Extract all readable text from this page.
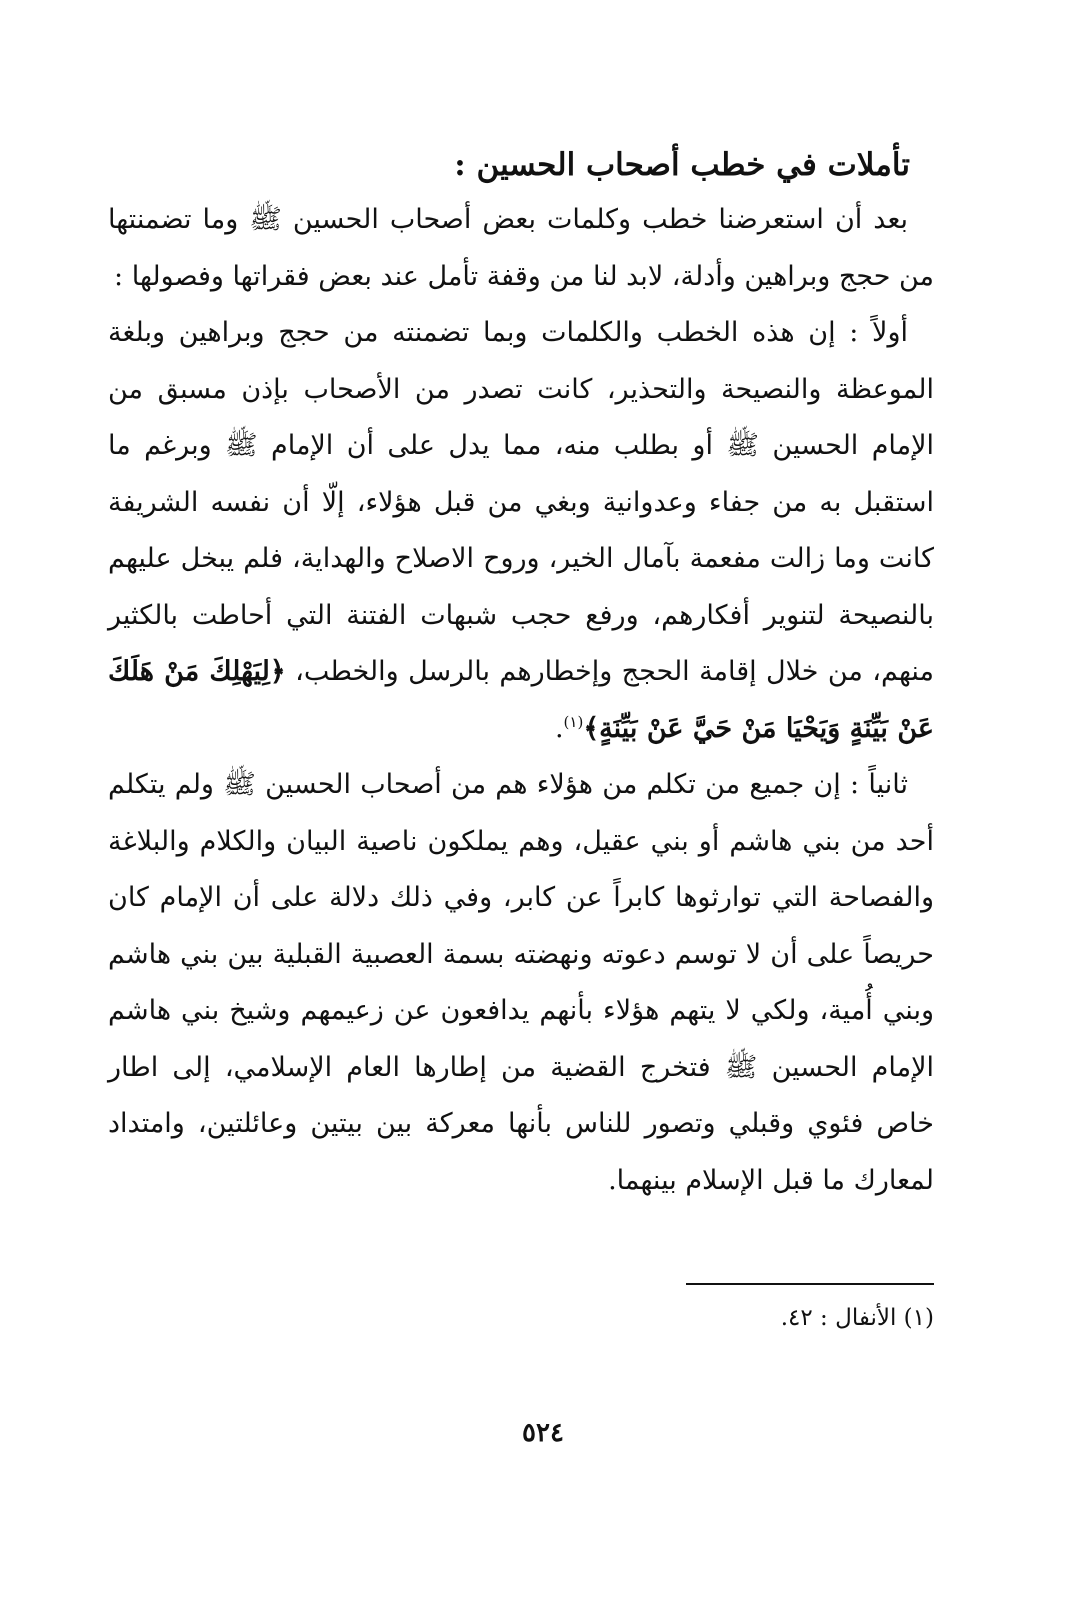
تأملات في خطب أصحاب الحسين :

بعد أن استعرضنا خطب وكلمات بعض أصحاب الحسين ﷺ وما تضمنتها من حجج وبراهين وأدلة، لابد لنا من وقفة تأمل عند بعض فقراتها وفصولها :

أولاً : إن هذه الخطب والكلمات وبما تضمنته من حجج وبراهين وبلغة الموعظة والنصيحة والتحذير، كانت تصدر من الأصحاب بإذن مسبق من الإمام الحسين ﷺ أو بطلب منه، مما يدل على أن الإمام ﷺ وبرغم ما استقبل به من جفاء وعدوانية وبغي من قبل هؤلاء، إلّا أن نفسه الشريفة كانت وما زالت مفعمة بآمال الخير، وروح الاصلاح والهداية، فلم يبخل عليهم بالنصيحة لتنوير أفكارهم، ورفع حجب شبهات الفتنة التي أحاطت بالكثير منهم، من خلال إقامة الحجج وإخطارهم بالرسل والخطب، ﴿لِيَهْلِكَ مَنْ هَلَكَ عَنْ بَيِّنَةٍ وَيَحْيَا مَنْ حَيَّ عَنْ بَيِّنَةٍ﴾$^{(١)}$.

ثانياً : إن جميع من تكلم من هؤلاء هم من أصحاب الحسين ﷺ ولم يتكلم أحد من بني هاشم أو بني عقيل، وهم يملكون ناصية البيان والكلام والبلاغة والفصاحة التي توارثوها كابراً عن كابر، وفي ذلك دلالة على أن الإمام كان حريصاً على أن لا توسم دعوته ونهضته بسمة العصبية القبلية بين بني هاشم وبني أُمية، ولكي لا يتهم هؤلاء بأنهم يدافعون عن زعيمهم وشيخ بني هاشم الإمام الحسين ﷺ فتخرج القضية من إطارها العام الإسلامي، إلى اطار خاص فئوي وقبلي وتصور للناس بأنها معركة بين بيتين وعائلتين، وامتداد لمعارك ما قبل الإسلام بينهما.

(١) الأنفال : ٤٢.
٥٢٤
